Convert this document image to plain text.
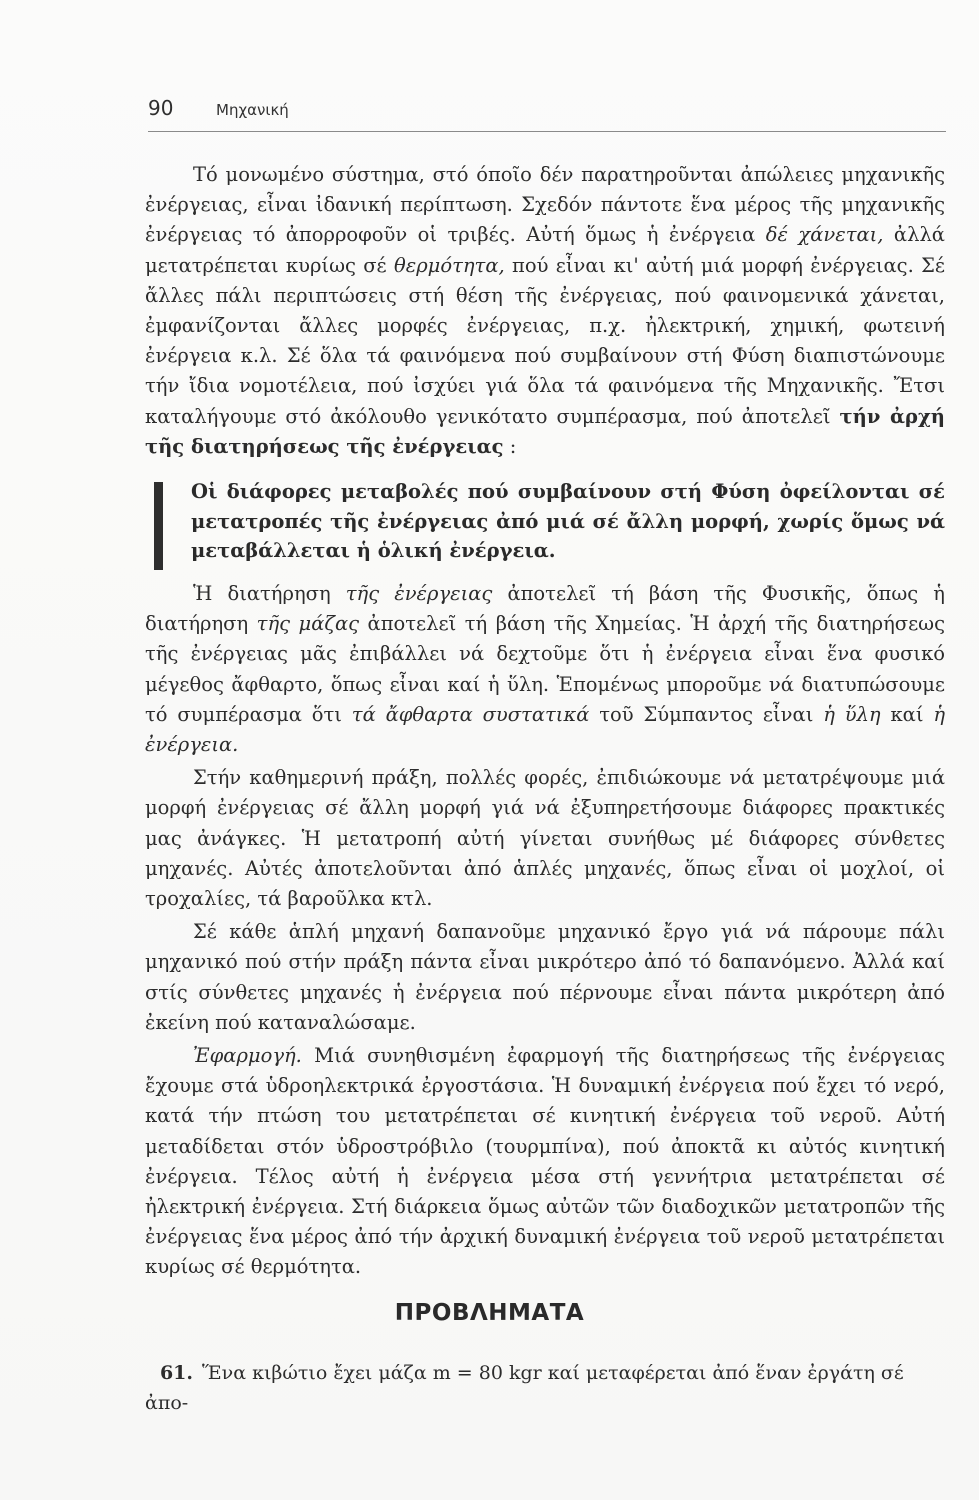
90	Μηχανική

Τό μονωμένο σύστημα, στό όποῖο δέν παρατηροῦνται ἀπώλειες μηχανικῆς ἐνέργειας, εἶναι ἰδανική περίπτωση. Σχεδόν πάντοτε ἕνα μέρος τῆς μηχανικῆς ἐνέργειας τό ἀπορροφοῦν οἱ τριβές. Αὐτή ὅμως ἡ ἐνέργεια δέ χάνεται, ἀλλά μετατρέπεται κυρίως σέ θερμότητα, πού εἶναι κι' αὐτή μιά μορφή ἐνέργειας. Σέ ἄλλες πάλι περιπτώσεις στή θέση τῆς ἐνέργειας, πού φαινομενικά χάνεται, ἐμφανίζονται ἄλλες μορφές ἐνέργειας, π.χ. ἠλεκτρική, χημική, φωτεινή ἐνέργεια κ.λ. Σέ ὅλα τά φαινόμενα πού συμβαίνουν στή Φύση διαπιστώνουμε τήν ἴδια νομοτέλεια, πού ἰσχύει γιά ὅλα τά φαινόμενα τῆς Μηχανικῆς. Ἔτσι καταλήγουμε στό ἀκόλουθο γενικότατο συμπέρασμα, πού ἀποτελεῖ τήν ἀρχή τῆς διατηρήσεως τῆς ἐνέργειας :

Οἱ διάφορες μεταβολές πού συμβαίνουν στή Φύση ὀφείλονται σέ μετατροπές τῆς ἐνέργειας ἀπό μιά σέ ἄλλη μορφή, χωρίς ὅμως νά μεταβάλλεται ἡ ὁλική ἐνέργεια.

Ἡ διατήρηση τῆς ἐνέργειας ἀποτελεῖ τή βάση τῆς Φυσικῆς, ὅπως ἡ διατήρηση τῆς μάζας ἀποτελεῖ τή βάση τῆς Χημείας. Ἡ ἀρχή τῆς διατηρήσεως τῆς ἐνέργειας μᾶς ἐπιβάλλει νά δεχτοῦμε ὅτι ἡ ἐνέργεια εἶναι ἕνα φυσικό μέγεθος ἄφθαρτο, ὅπως εἶναι καί ἡ ὕλη. Ἑπομένως μποροῦμε νά διατυπώσουμε τό συμπέρασμα ὅτι τά ἄφθαρτα συστατικά τοῦ Σύμπαντος εἶναι ἡ ὕλη καί ἡ ἐνέργεια.

Στήν καθημερινή πράξη, πολλές φορές, ἐπιδιώκουμε νά μετατρέψουμε μιά μορφή ἐνέργειας σέ ἄλλη μορφή γιά νά ἐξυπηρετήσουμε διάφορες πρακτικές μας ἀνάγκες. Ἡ μετατροπή αὐτή γίνεται συνήθως μέ διάφορες σύνθετες μηχανές. Αὐτές ἀποτελοῦνται ἀπό ἁπλές μηχανές, ὅπως εἶναι οἱ μοχλοί, οἱ τροχαλίες, τά βαροῦλκα κτλ.

Σέ κάθε ἁπλή μηχανή δαπανοῦμε μηχανικό ἔργο γιά νά πάρουμε πάλι μηχανικό πού στήν πράξη πάντα εἶναι μικρότερο ἀπό τό δαπανόμενο. Ἀλλά καί στίς σύνθετες μηχανές ἡ ἐνέργεια πού πέρνουμε εἶναι πάντα μικρότερη ἀπό ἐκείνη πού καταναλώσαμε.

Ἐφαρμογή. Μιά συνηθισμένη ἐφαρμογή τῆς διατηρήσεως τῆς ἐνέργειας ἔχουμε στά ὑδροηλεκτρικά ἐργοστάσια. Ἡ δυναμική ἐνέργεια πού ἔχει τό νερό, κατά τήν πτώση του μετατρέπεται σέ κινητική ἐνέργεια τοῦ νεροῦ. Αὐτή μεταδίδεται στόν ὑδροστρόβιλο (τουρμπίνα), πού ἀποκτᾶ κι αὐτός κινητική ἐνέργεια. Τέλος αὐτή ἡ ἐνέργεια μέσα στή γεννήτρια μετατρέπεται σέ ἠλεκτρική ἐνέργεια. Στή διάρκεια ὅμως αὐτῶν τῶν διαδοχικῶν μετατροπῶν τῆς ἐνέργειας ἕνα μέρος ἀπό τήν ἀρχική δυναμική ἐνέργεια τοῦ νεροῦ μετατρέπεται κυρίως σέ θερμότητα.

ΠΡΟΒΛΗΜΑΤΑ
61. Ἕνα κιβώτιο ἔχει μάζα m = 80 kgr καί μεταφέρεται ἀπό ἕναν ἐργάτη σέ ἀπο-
